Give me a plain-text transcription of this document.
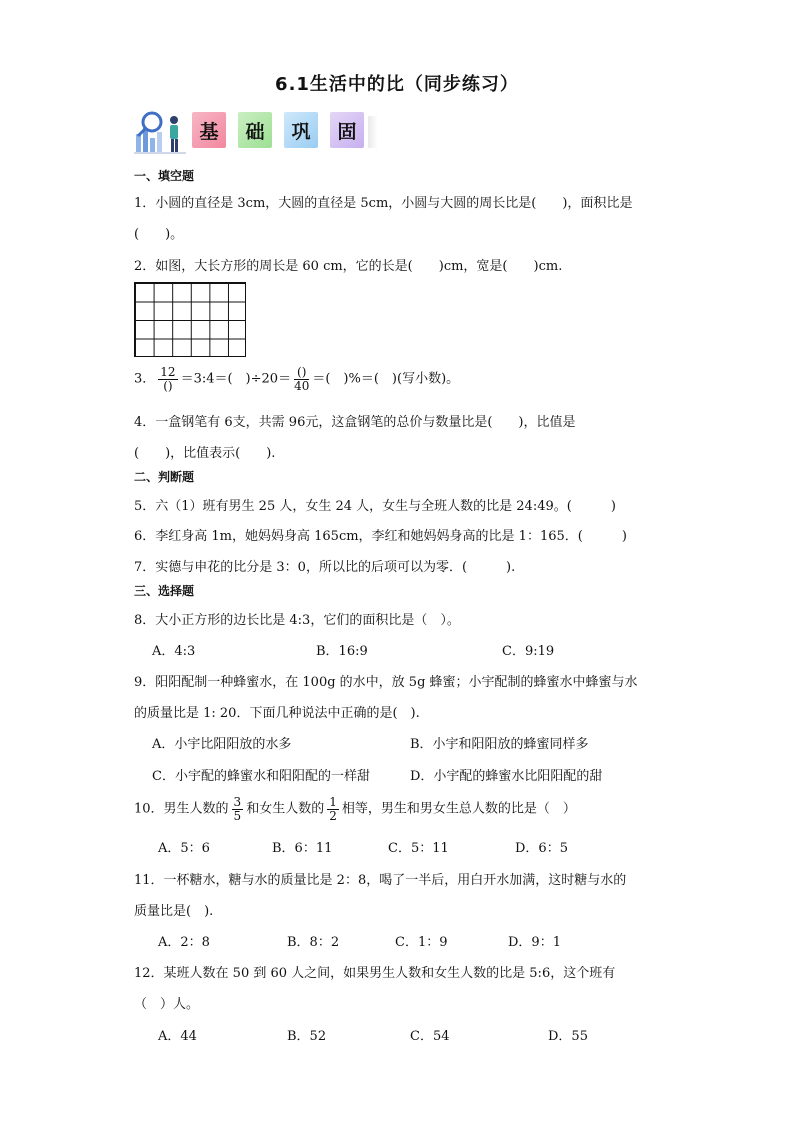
6.1生活中的比（同步练习）
基	础	巩	固
一、填空题
1．小圆的直径是 3cm，大圆的直径是 5cm，小圆与大圆的周长比是(　　)，面积比是
(　　)。
2．如图，大长方形的周长是 60 cm，它的长是(　　)cm，宽是(　　)cm.
3． $\frac{12}{()}$ ＝3:4＝(　)$\div 20= \frac{()}{40}$ ＝(　)%＝(　)(写小数)。
4．一盒钢笔有 6支，共需 96元，这盒钢笔的总价与数量比是(　　)，比值是
(　　)，比值表示(　　).
二、判断题
5．六（1）班有男生 25 人，女生 24 人，女生与全班人数的比是 24:49。(　　　)
6．李红身高 1m，她妈妈身高 165cm，李红和她妈妈身高的比是 1：165．(　　　)
7．实德与申花的比分是 3：0，所以比的后项可以为零．(　　　).
三、选择题
8．大小正方形的边长比是 4:3，它们的面积比是（　）。
A．4:3	B．16:9	C．9:19
9．阳阳配制一种蜂蜜水，在 100g 的水中，放 5g 蜂蜜；小宇配制的蜂蜜水中蜂蜜与水
的质量比是 1: 20．下面几种说法中正确的是(　).
A．小宇比阳阳放的水多	B．小宇和阳阳放的蜂蜜同样多
C．小宇配的蜂蜜水和阳阳配的一样甜	D．小宇配的蜂蜜水比阳阳配的甜
10．男生人数的 $\frac{3}{5}$ 和女生人数的 $\frac{1}{2}$ 相等，男生和男女生总人数的比是（　）
A．5：6	B．6：11	C．5：11	D．6：5
11．一杯糖水，糖与水的质量比是 2：8，喝了一半后，用白开水加满，这时糖与水的
质量比是(　).
A．2：8	B．8：2	C．1：9	D．9：1
12．某班人数在 50 到 60 人之间，如果男生人数和女生人数的比是 5:6，这个班有
（　）人。
A．44	B．52	C．54	D．55
